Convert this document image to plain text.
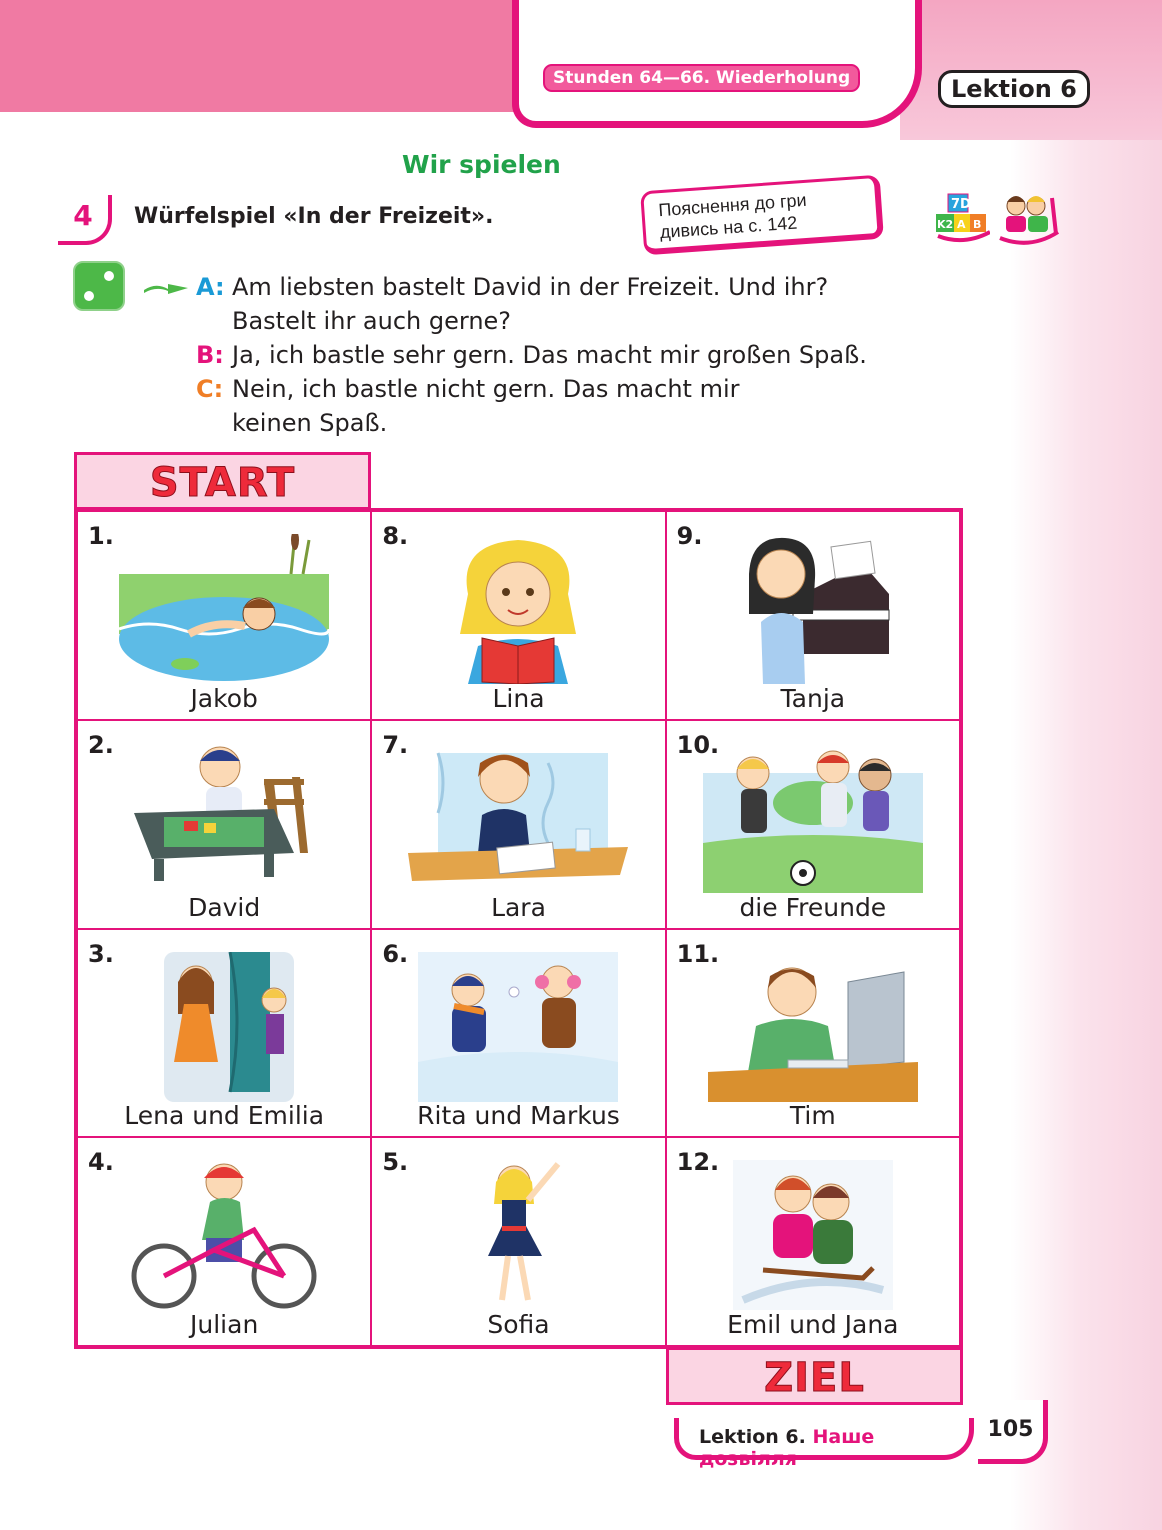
Stunden 64—66. Wiederholung	Lektion 6
Wir spielen
4	Würfelspiel «In der Freizeit».	Пояснення до гри дивись на с. 142
7D
K2 A B
A: Am liebsten bastelt David in der Freizeit. Und ihr? Bastelt ihr auch gerne?
B: Ja, ich bastle sehr gern. Das macht mir großen Spaß.
C: Nein, ich bastle nicht gern. Das macht mir keinen Spaß.
START
1.
Jakob
8.
Lina
9.
Tanja
2.
David
7.
Lara
10.
die Freunde
3.
Lena und Emilia
6.
Rita und Markus
11.
Tim
4.
Julian
5.
Sofia
12.
Emil und Jana
ZIEL
Lektion 6. Наше дозвілля
105
